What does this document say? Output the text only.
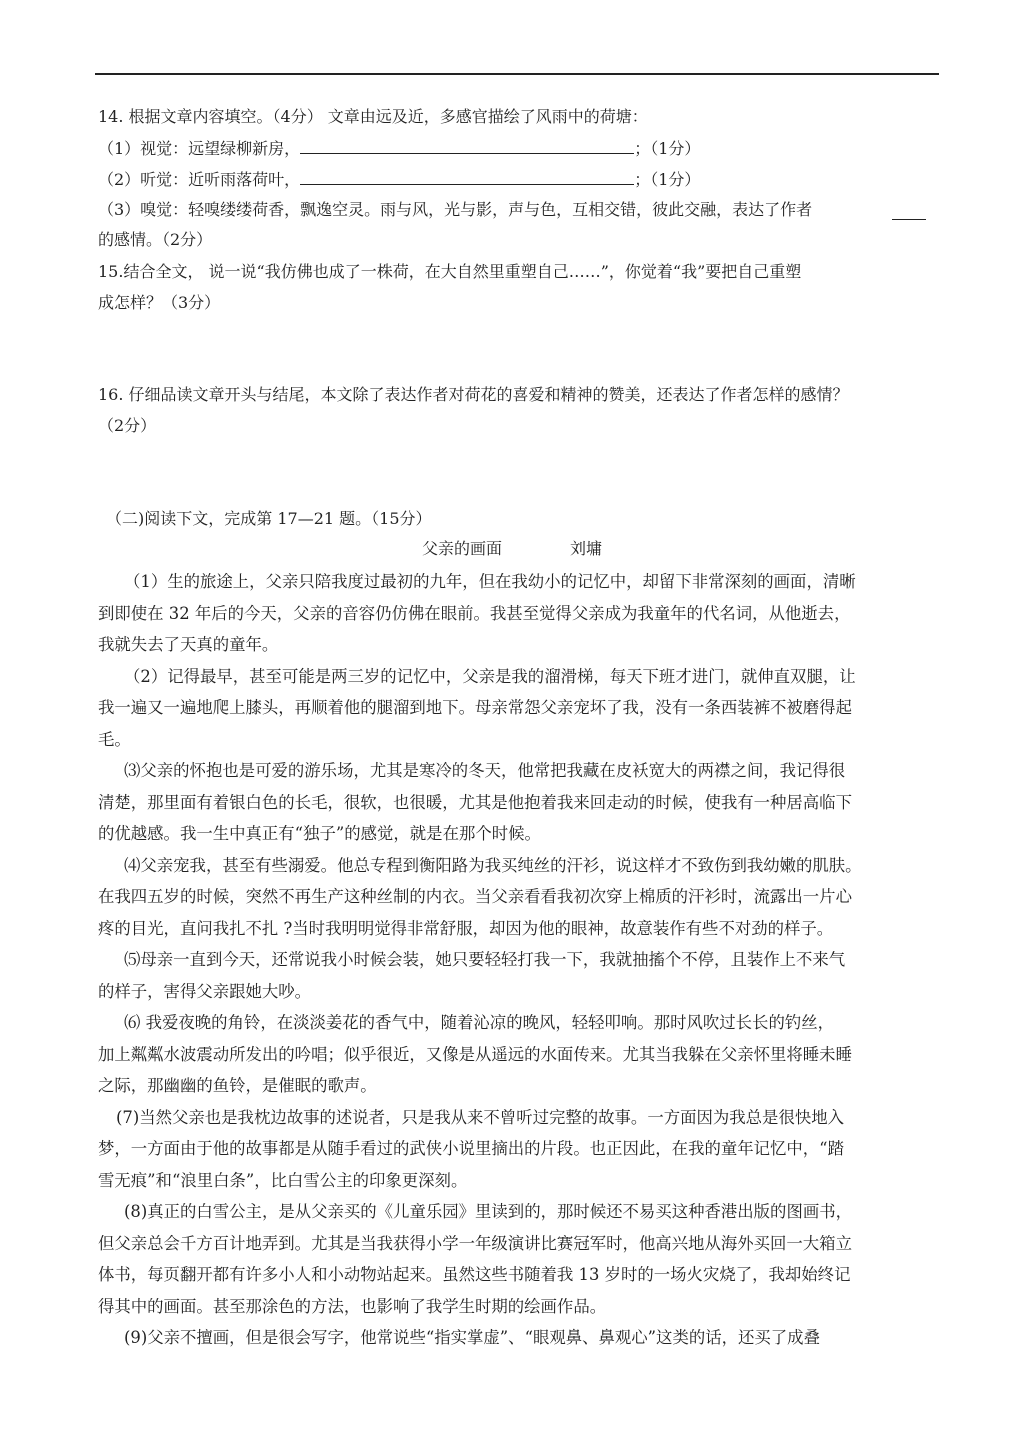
14. 根据文章内容填空。（4分） 文章由远及近，多感官描绘了风雨中的荷塘：
（1）视觉：远望绿柳新房，	；（1分）
（2）听觉：近听雨落荷叶，	；（1分）
（3）嗅觉：轻嗅缕缕荷香，飘逸空灵。雨与风，光与影，声与色，互相交错，彼此交融，表达了作者
的感情。（2分）
15.结合全文， 说一说“我仿佛也成了一株荷，在大自然里重塑自己……”，你觉着“我”要把自己重塑
成怎样？（3分）
16. 仔细品读文章开头与结尾，本文除了表达作者对荷花的喜爱和精神的赞美，还表达了作者怎样的感情？
（2分）
（二)阅读下文，完成第 17—21 题。（15分）
父亲的画面	刘墉
（1）生的旅途上，父亲只陪我度过最初的九年，但在我幼小的记忆中，却留下非常深刻的画面，清晰
到即使在 32 年后的今天，父亲的音容仍仿佛在眼前。我甚至觉得父亲成为我童年的代名词，从他逝去，
我就失去了天真的童年。
（2）记得最早，甚至可能是两三岁的记忆中，父亲是我的溜滑梯，每天下班才进门，就伸直双腿，让
我一遍又一遍地爬上膝头，再顺着他的腿溜到地下。母亲常怨父亲宠坏了我，没有一条西装裤不被磨得起
毛。
⑶父亲的怀抱也是可爱的游乐场，尤其是寒冷的冬天，他常把我藏在皮袄宽大的两襟之间，我记得很
清楚，那里面有着银白色的长毛，很软，也很暖，尤其是他抱着我来回走动的时候，使我有一种居高临下
的优越感。我一生中真正有“独子”的感觉，就是在那个时候。
⑷父亲宠我，甚至有些溺爱。他总专程到衡阳路为我买纯丝的汗衫，说这样才不致伤到我幼嫩的肌肤。
在我四五岁的时候，突然不再生产这种丝制的内衣。当父亲看看我初次穿上棉质的汗衫时，流露出一片心
疼的目光，直问我扎不扎 ?当时我明明觉得非常舒服，却因为他的眼神，故意装作有些不对劲的样子。
⑸母亲一直到今天，还常说我小时候会装，她只要轻轻打我一下，我就抽搐个不停，且装作上不来气
的样子，害得父亲跟她大吵。
⑹ 我爱夜晚的角铃，在淡淡姜花的香气中，随着沁凉的晚风，轻轻叩响。那时风吹过长长的钓丝，
加上粼粼水波震动所发出的吟唱；似乎很近，又像是从遥远的水面传来。尤其当我躲在父亲怀里将睡未睡
之际，那幽幽的鱼铃，是催眠的歌声。
(7)当然父亲也是我枕边故事的述说者，只是我从来不曾听过完整的故事。一方面因为我总是很快地入
梦，一方面由于他的故事都是从随手看过的武侠小说里摘出的片段。也正因此，在我的童年记忆中，“踏
雪无痕”和“浪里白条”，比白雪公主的印象更深刻。
(8)真正的白雪公主，是从父亲买的《儿童乐园》里读到的，那时候还不易买这种香港出版的图画书，
但父亲总会千方百计地弄到。尤其是当我获得小学一年级演讲比赛冠军时，他高兴地从海外买回一大箱立
体书，每页翻开都有许多小人和小动物站起来。虽然这些书随着我 13 岁时的一场火灾烧了，我却始终记
得其中的画面。甚至那涂色的方法，也影响了我学生时期的绘画作品。
(9)父亲不擅画，但是很会写字，他常说些“指实掌虚”、“眼观鼻、鼻观心”这类的话，还买了成叠
